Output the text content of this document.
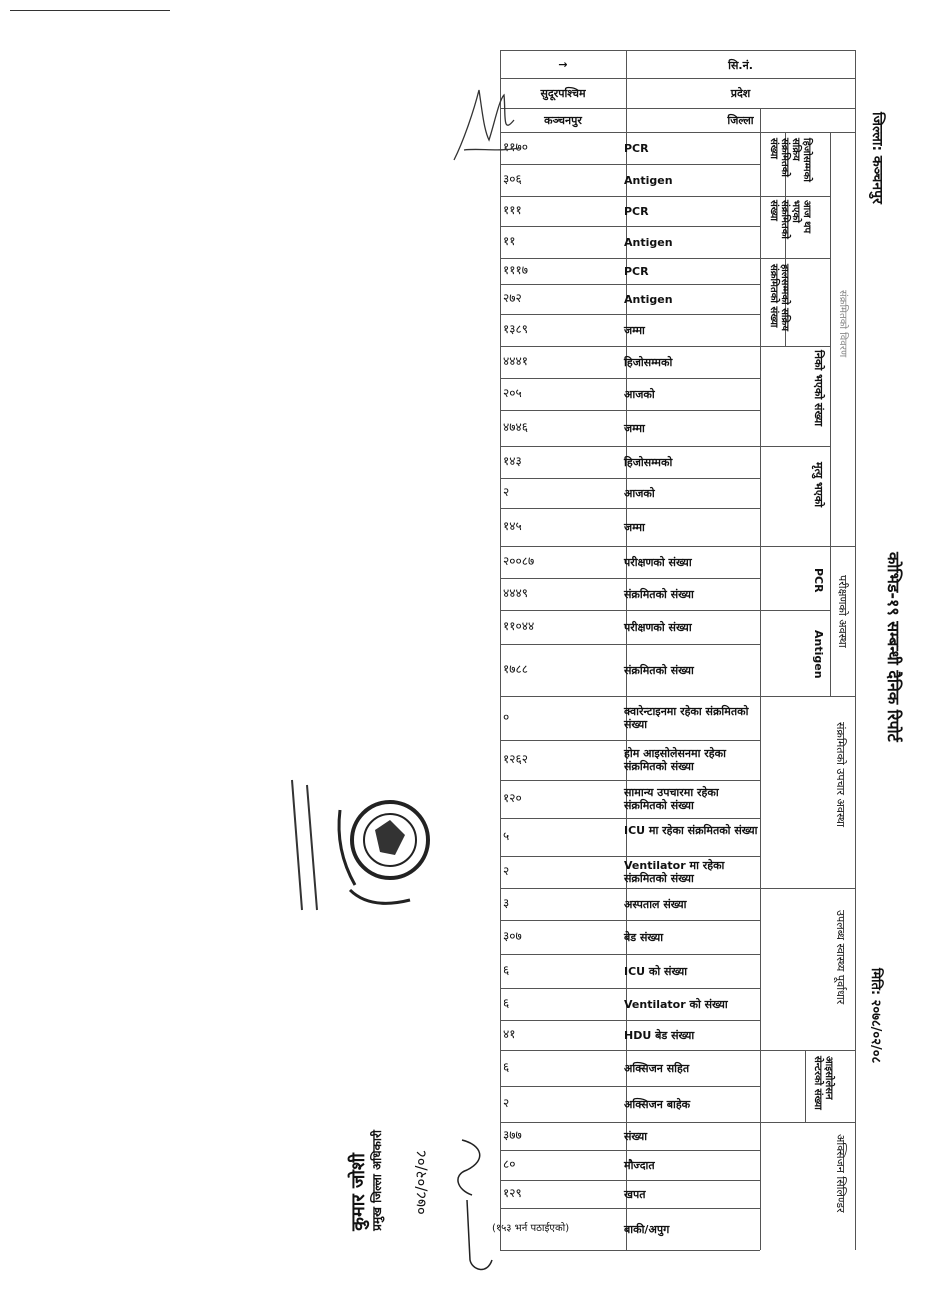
जिल्ला: कञ्चनपुर
कोभिड-१९ सम्बन्धी दैनिक रिपोर्ट
मिति: २०७८/०२/०८
→	सि.नं.
सुदूरपश्चिम	प्रदेश
कञ्चनपुर	जिल्ला
हिजोसम्मको सक्रिय संक्रमितको संख्या
आज थप भएको संक्रमितको संख्या
हालसम्मको सक्रिय संक्रमितको संख्या	संक्रमितको विवरण
निको भएको संख्या
मृत्यु भएको
PCR
Antigen
परीक्षणको अवस्था
संक्रमितको उपचार अवस्था
उपलब्ध स्वास्थ्य पूर्वाधार
आइसोलेसन सेन्टरको संख्या
अक्सिजन सिलिण्डर
११७०	PCR
३०६	Antigen
१११	PCR
११	Antigen
१११७	PCR
२७२	Antigen
१३८९	जम्मा
४४४१	हिजोसम्मको
२०५	आजको
४७४६	जम्मा
१४३	हिजोसम्मको
२	आजको
१४५	जम्मा
२००८७	परीक्षणको संख्या
४४४९	संक्रमितको संख्या
११०४४	परीक्षणको संख्या
१७८८	संक्रमितको संख्या
०	क्वारेन्टाइनमा रहेका संक्रमितको संख्या
१२६२	होम आइसोलेसनमा रहेका संक्रमितको संख्या
१२०	सामान्य उपचारमा रहेका संक्रमितको संख्या
५	ICU मा रहेका संक्रमितको संख्या
२	Ventilator मा रहेका संक्रमितको संख्या
३	अस्पताल संख्या
३०७	बेड संख्या
६	ICU को संख्या
६	Ventilator को संख्या
४१	HDU बेड संख्या
६	अक्सिजन सहित
२	अक्सिजन बाहेक
३७७	संख्या
८०	मौज्दात
१२९	खपत
(१५३ भर्न पठाईएको)	बाकी/अपुग
कुमार जोशी
प्रमुख जिल्ला अधिकारी ०७८/०२/०८
